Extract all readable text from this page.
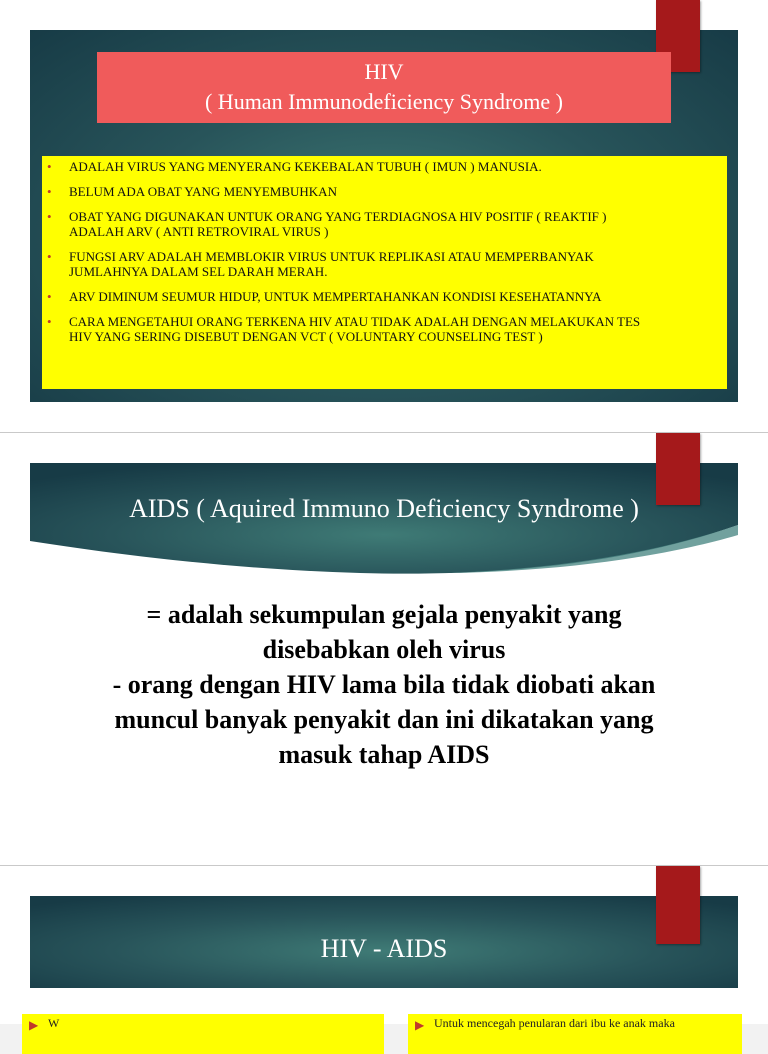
HIV
( Human Immunodeficiency Syndrome )
• ADALAH VIRUS YANG MENYERANG KEKEBALAN TUBUH ( IMUN ) MANUSIA.
• BELUM ADA OBAT YANG MENYEMBUHKAN
• OBAT YANG DIGUNAKAN UNTUK ORANG YANG TERDIAGNOSA HIV POSITIF ( REAKTIF )
ADALAH ARV ( ANTI RETROVIRAL VIRUS )
• FUNGSI ARV ADALAH MEMBLOKIR VIRUS UNTUK REPLIKASI ATAU MEMPERBANYAK
JUMLAHNYA DALAM SEL DARAH MERAH.
• ARV DIMINUM SEUMUR HIDUP, UNTUK MEMPERTAHANKAN KONDISI KESEHATANNYA
• CARA MENGETAHUI ORANG TERKENA HIV ATAU TIDAK ADALAH DENGAN MELAKUKAN TES
HIV YANG SERING DISEBUT DENGAN VCT ( VOLUNTARY COUNSELING TEST )
AIDS ( Aquired Immuno Deficiency Syndrome )
= adalah sekumpulan gejala penyakit yang
disebabkan oleh virus
- orang dengan HIV lama bila tidak diobati akan
muncul banyak penyakit dan ini dikatakan yang
masuk tahap AIDS
HIV - AIDS
▶ W	▶ Untuk mencegah penularan dari ibu ke anak maka
